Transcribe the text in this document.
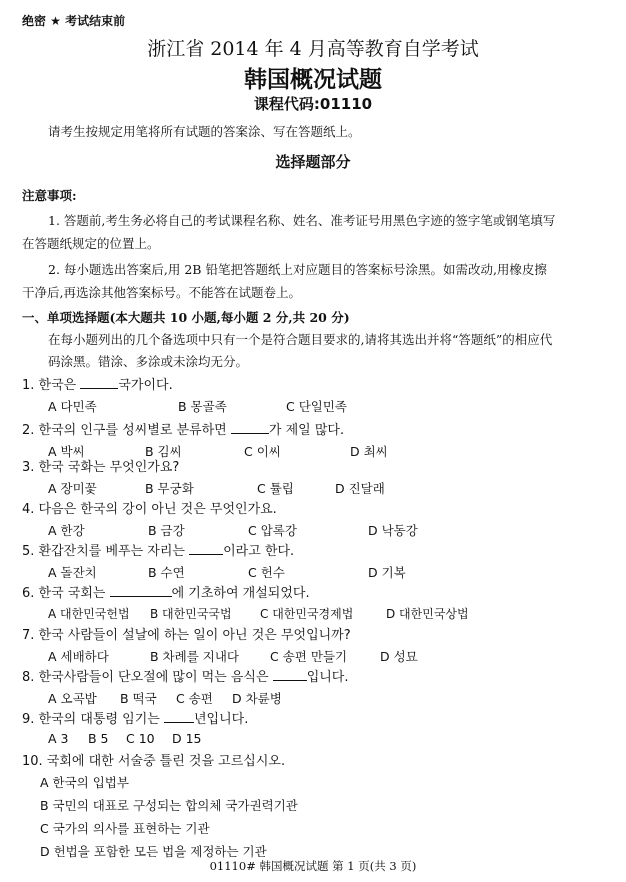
绝密 ★ 考试结束前
浙江省 2014 年 4 月高等教育自学考试
韩国概况试题
课程代码:01110
请考生按规定用笔将所有试题的答案涂、写在答题纸上。
选择题部分
注意事项:
1. 答题前,考生务必将自己的考试课程名称、姓名、准考证号用黑色字迹的签字笔或钢笔填写
在答题纸规定的位置上。
2. 每小题选出答案后,用 2B 铅笔把答题纸上对应题目的答案标号涂黑。如需改动,用橡皮擦
干净后,再选涂其他答案标号。不能答在试题卷上。
一、单项选择题(本大题共 10 小题,每小题 2 分,共 20 分)
在每小题列出的几个备选项中只有一个是符合题目要求的,请将其选出并将“答题纸”的相应代
码涂黑。错涂、多涂或未涂均无分。
1. 한국은	국가이다.
A 다민족	B 몽골족	C 단일민족
2. 한국의 인구를 성씨별로 분류하면	가 제일 많다.
A 박씨	B 김씨	C 이씨	D 최씨
3. 한국 국화는 무엇인가요?
A 장미꽃	B 무궁화	C 튤립	D 진달래
4. 다음은 한국의 강이 아닌 것은 무엇인가요.
A 한강	B 금강	C 압록강	D 낙동강
5. 환갑잔치를 베푸는 자리는	이라고 한다.
A 돌잔치	B 수연	C 헌수	D 기복
6. 한국 국회는	에 기초하여 개설되었다.
A 대한민국헌법 B 대한민국국법 C 대한민국경제법	D 대한민국상법
7. 한국 사람들이 설날에 하는 일이 아닌 것은 무엇입니까?
A 세배하다	B 차례를 지내다 C 송편 만들기	D 성묘
8. 한국사람들이 단오절에 많이 먹는 음식은	입니다.
A 오곡밥 B 떡국 C 송편 D 차륜병
9. 한국의 대통령 임기는 년입니다.
A 3 B 5 C 10 D 15
10. 국회에 대한 서술중 틀린 것을 고르십시오.
A 한국의 입법부
B 국민의 대표로 구성되는 합의체 국가권력기관
C 국가의 의사를 표현하는 기관
D 헌법을 포함한 모든 법을 제정하는 기관
01110# 韩国概况试题 第 1 页(共 3 页)
